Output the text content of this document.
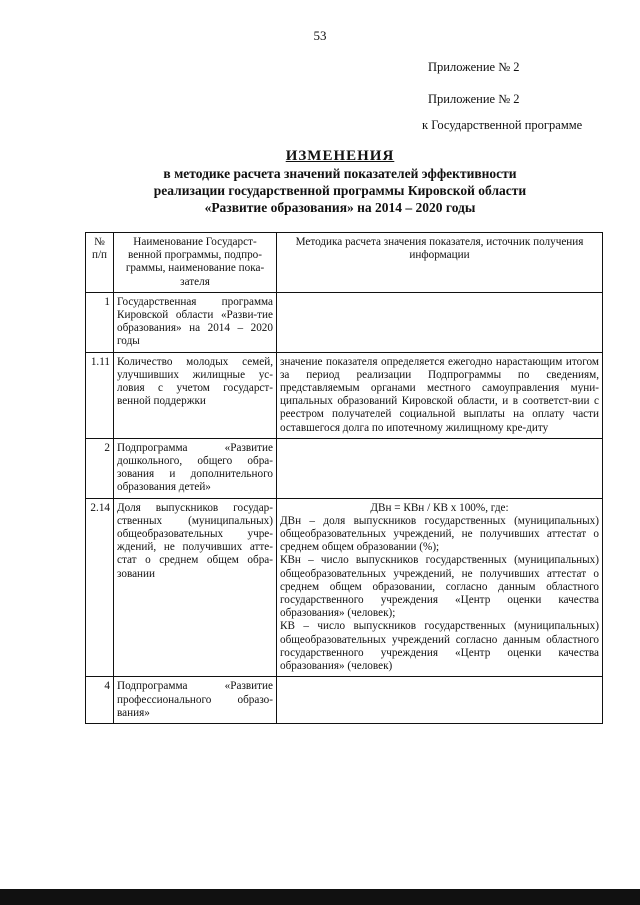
53
Приложение № 2
Приложение № 2
к Государственной программе
ИЗМЕНЕНИЯ
в методике расчета значений показателей эффективности
реализации государственной программы Кировской области
«Развитие образования» на 2014 – 2020 годы
№ п/п	Наименование Государст-венной программы, подпро-граммы, наименование пока-зателя	Методика расчета значения показателя, источник получения информации
1	Государственная программа Кировской области «Разви-тие образования» на 2014 – 2020 годы	
1.11	Количество молодых семей, улучшивших жилищные ус-ловия с учетом государст-венной поддержки	значение показателя определяется ежегодно нарастающим итогом за период реализации Подпрограммы по сведениям, представляемым органами местного самоуправления муни-ципальных образований Кировской области, и в соответст-вии с реестром получателей социальной выплаты на оплату части оставшегося долга по ипотечному жилищному кре-диту
2	Подпрограмма «Развитие дошкольного, общего обра-зования и дополнительного образования детей»	
2.14	Доля выпускников государ-ственных (муниципальных) общеобразовательных учре-ждений, не получивших атте-стат о среднем общем обра-зовании	ДВн = КВн / КВ х 100%, где:
ДВн – доля выпускников государственных (муниципальных) общеобразовательных учреждений, не получивших аттестат о среднем общем образовании (%);
КВн – число выпускников государственных (муниципальных) общеобразовательных учреждений, не получивших аттестат о среднем общем образовании, согласно данным областного государственного учреждения «Центр оценки качества образования» (человек);
КВ – число выпускников государственных (муниципальных) общеобразовательных учреждений согласно данным областного государственного учреждения «Центр оценки качества образования» (человек)

4	Подпрограмма «Развитие профессионального образо-вания»	
